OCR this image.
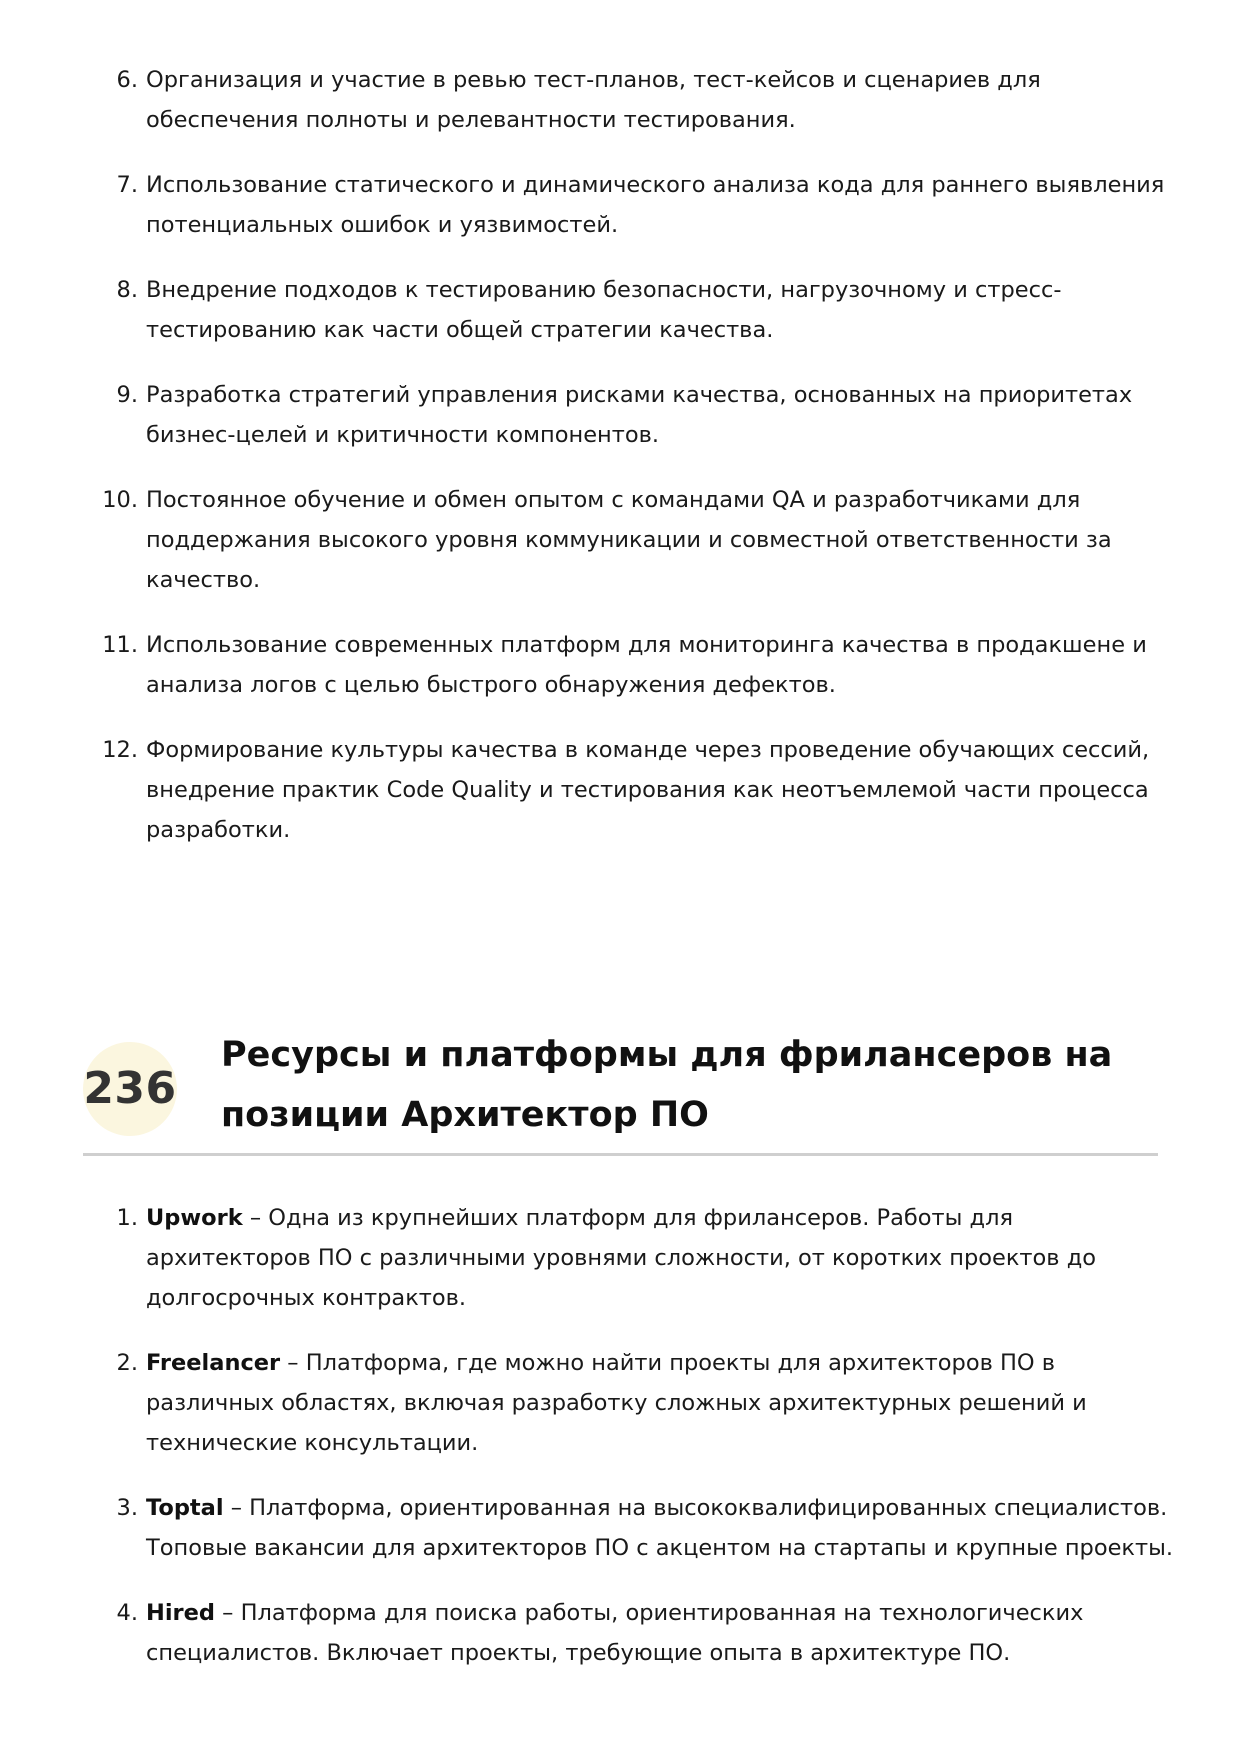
6. Организация и участие в ревью тест-планов, тест-кейсов и сценариев для обеспечения полноты и релевантности тестирования.
7. Использование статического и динамического анализа кода для раннего выявления потенциальных ошибок и уязвимостей.
8. Внедрение подходов к тестированию безопасности, нагрузочному и стресс-тестированию как части общей стратегии качества.
9. Разработка стратегий управления рисками качества, основанных на приоритетах бизнес-целей и критичности компонентов.
10. Постоянное обучение и обмен опытом с командами QA и разработчиками для поддержания высокого уровня коммуникации и совместной ответственности за качество.
11. Использование современных платформ для мониторинга качества в продакшене и анализа логов с целью быстрого обнаружения дефектов.
12. Формирование культуры качества в команде через проведение обучающих сессий, внедрение практик Code Quality и тестирования как неотъемлемой части процесса разработки.
236
Ресурсы и платформы для фрилансеров на позиции Архитектор ПО
1. Upwork – Одна из крупнейших платформ для фрилансеров. Работы для архитекторов ПО с различными уровнями сложности, от коротких проектов до долгосрочных контрактов.
2. Freelancer – Платформа, где можно найти проекты для архитекторов ПО в различных областях, включая разработку сложных архитектурных решений и технические консультации.
3. Toptal – Платформа, ориентированная на высококвалифицированных специалистов. Топовые вакансии для архитекторов ПО с акцентом на стартапы и крупные проекты.
4. Hired – Платформа для поиска работы, ориентированная на технологических специалистов. Включает проекты, требующие опыта в архитектуре ПО.
